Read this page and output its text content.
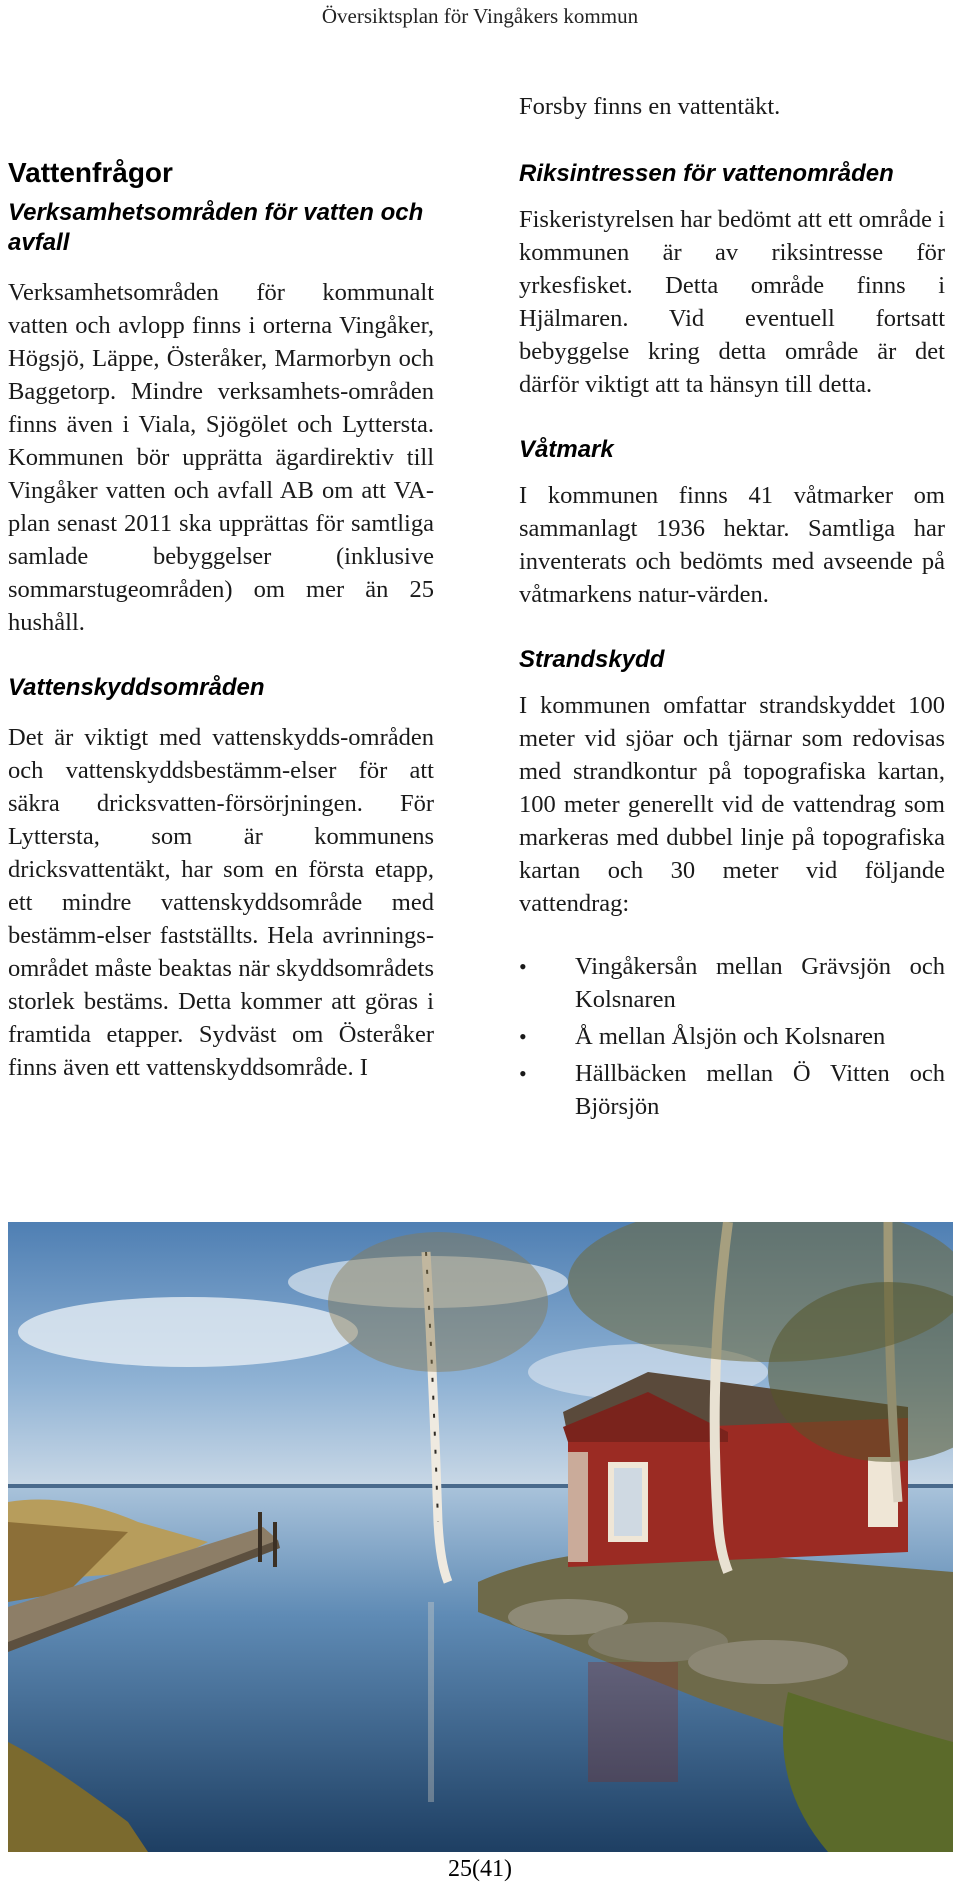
Översiktsplan för Vingåkers kommun
Vattenfrågor
Verksamhetsområden för vatten och avfall

Verksamhetsområden för kommunalt vatten och avlopp finns i orterna Vingåker, Högsjö, Läppe, Österåker, Marmorbyn och Baggetorp. Mindre verksamhets-områden finns även i Viala, Sjögölet och Lyttersta. Kommunen bör upprätta ägardirektiv till Vingåker vatten och avfall AB om att VA-plan senast 2011 ska upprättas för samtliga samlade bebyggelser (inklusive sommarstugeområden) om mer än 25 hushåll.

Vattenskyddsområden

Det är viktigt med vattenskydds-områden och vattenskyddsbestämm-elser för att säkra dricksvatten-försörjningen. För Lyttersta, som är kommunens dricksvattentäkt, har som en första etapp, ett mindre vattenskyddsområde med bestämm-elser fastställts. Hela avrinnings-området måste beaktas när skyddsområdets storlek bestäms. Detta kommer att göras i framtida etapper. Sydväst om Österåker finns även ett vattenskyddsområde. I

Forsby finns en vattentäkt.

Riksintressen för vattenområden

Fiskeristyrelsen har bedömt att ett område i kommunen är av riksintresse för yrkesfisket. Detta område finns i Hjälmaren. Vid eventuell fortsatt bebyggelse kring detta område är det därför viktigt att ta hänsyn till detta.

Våtmark

I kommunen finns 41 våtmarker om sammanlagt 1936 hektar. Samtliga har inventerats och bedömts med avseende på våtmarkens natur-värden.

Strandskydd

I kommunen omfattar strandskyddet 100 meter vid sjöar och tjärnar som redovisas med strandkontur på topografiska kartan, 100 meter generellt vid de vattendrag som markeras med dubbel linje på topografiska kartan och 30 meter vid följande vattendrag:

• Vingåkersån mellan Grävsjön och Kolsnaren
• Å mellan Ålsjön och Kolsnaren
• Hällbäcken mellan Ö Vitten och Björsjön
25(41)
